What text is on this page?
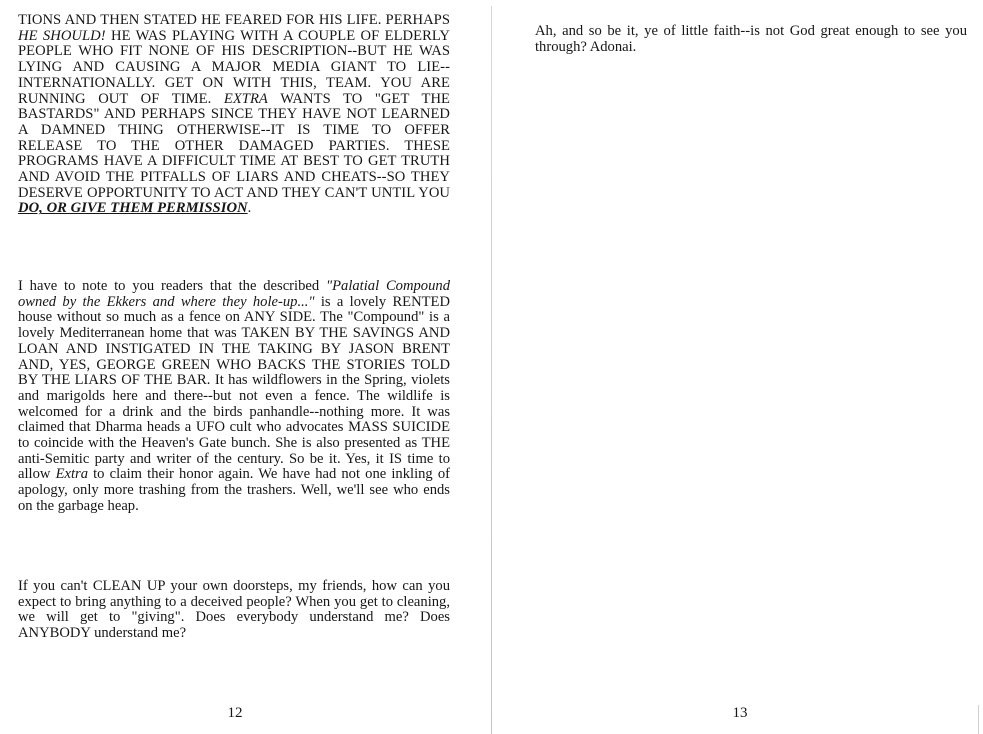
TIONS AND THEN STATED HE FEARED FOR HIS LIFE. PERHAPS HE SHOULD! HE WAS PLAYING WITH A COUPLE OF ELDERLY PEOPLE WHO FIT NONE OF HIS DESCRIPTION--BUT HE WAS LYING AND CAUSING A MAJOR MEDIA GIANT TO LIE--INTERNATIONALLY. GET ON WITH THIS, TEAM. YOU ARE RUNNING OUT OF TIME. EXTRA WANTS TO "GET THE BASTARDS" AND PERHAPS SINCE THEY HAVE NOT LEARNED A DAMNED THING OTHERWISE--IT IS TIME TO OFFER RELEASE TO THE OTHER DAMAGED PARTIES. THESE PROGRAMS HAVE A DIFFICULT TIME AT BEST TO GET TRUTH AND AVOID THE PITFALLS OF LIARS AND CHEATS--SO THEY DESERVE OPPORTUNITY TO ACT AND THEY CAN'T UNTIL YOU DO, OR GIVE THEM PERMISSION.

I have to note to you readers that the described "Palatial Compound owned by the Ekkers and where they hole-up..." is a lovely RENTED house without so much as a fence on ANY SIDE. The "Compound" is a lovely Mediterranean home that was TAKEN BY THE SAVINGS AND LOAN AND INSTIGATED IN THE TAKING BY JASON BRENT AND, YES, GEORGE GREEN WHO BACKS THE STORIES TOLD BY THE LIARS OF THE BAR. It has wildflowers in the Spring, violets and marigolds here and there--but not even a fence. The wildlife is welcomed for a drink and the birds panhandle--nothing more. It was claimed that Dharma heads a UFO cult who advocates MASS SUICIDE to coincide with the Heaven's Gate bunch. She is also presented as THE anti-Semitic party and writer of the century. So be it. Yes, it IS time to allow Extra to claim their honor again. We have had not one inkling of apology, only more trashing from the trashers. Well, we'll see who ends on the garbage heap.

If you can't CLEAN UP your own doorsteps, my friends, how can you expect to bring anything to a deceived people? When you get to cleaning, we will get to "giving". Does everybody understand me? Does ANYBODY understand me?

12

Ah, and so be it, ye of little faith--is not God great enough to see you through? Adonai.

13
